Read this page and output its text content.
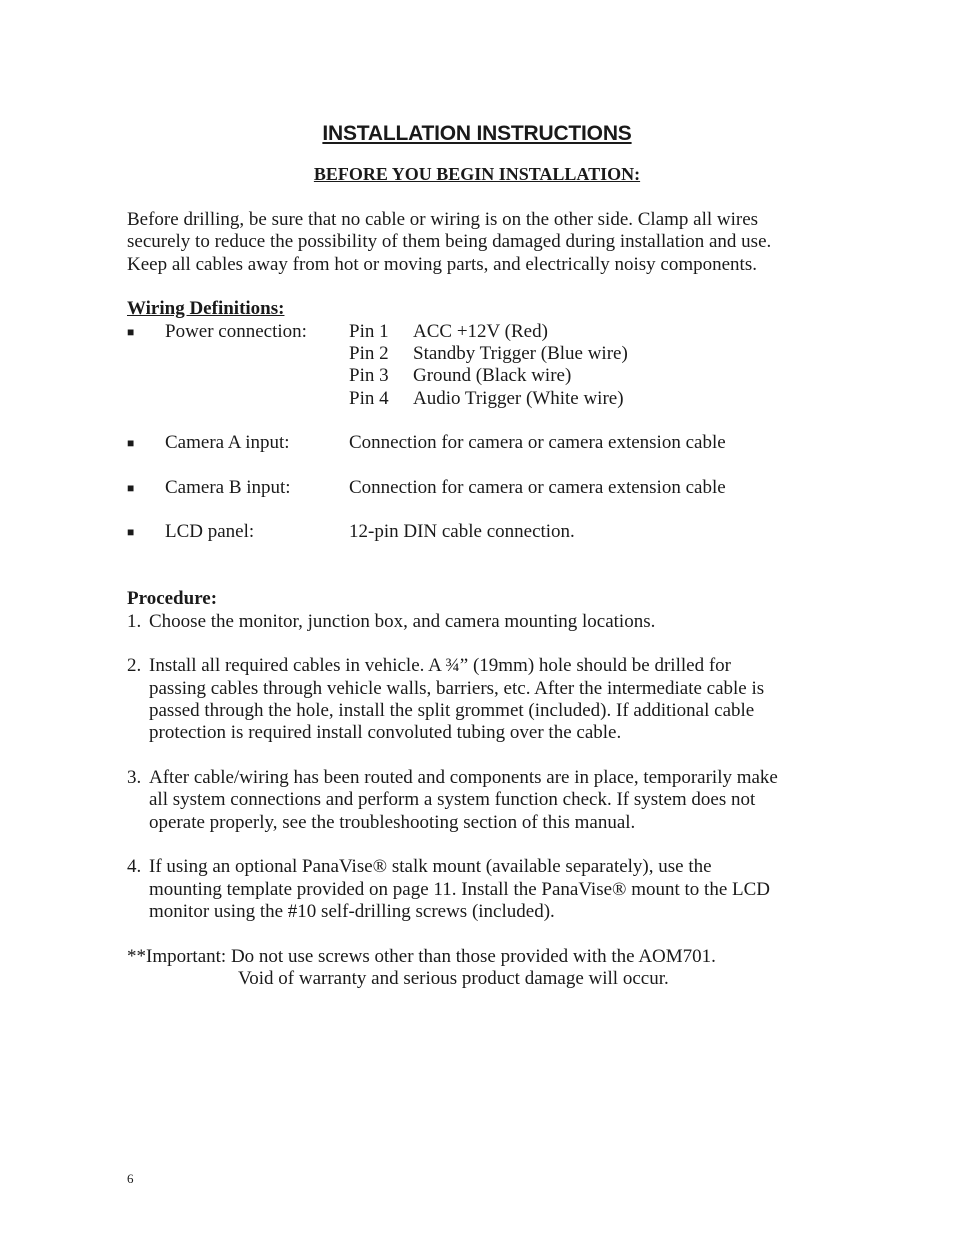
INSTALLATION INSTRUCTIONS
BEFORE YOU BEGIN INSTALLATION:
Before drilling, be sure that no cable or wiring is on the other side. Clamp all wires
securely to reduce the possibility of them being damaged during installation and use.
Keep all cables away from hot or moving parts, and electrically noisy components.
Wiring Definitions:
■ Power connection: Pin 1 ACC +12V (Red)
Pin 2 Standby Trigger (Blue wire)
Pin 3 Ground (Black wire)
Pin 4 Audio Trigger (White wire)
■ Camera A input:	Connection for camera or camera extension cable
■ Camera B input:	Connection for camera or camera extension cable
■ LCD panel:	12-pin DIN cable connection.
Procedure:
1. Choose the monitor, junction box, and camera mounting locations.
2. Install all required cables in vehicle. A ¾” (19mm) hole should be drilled for
passing cables through vehicle walls, barriers, etc. After the intermediate cable is
passed through the hole, install the split grommet (included). If additional cable
protection is required install convoluted tubing over the cable.
3. After cable/wiring has been routed and components are in place, temporarily make
all system connections and perform a system function check. If system does not
operate properly, see the troubleshooting section of this manual.
4. If using an optional PanaVise® stalk mount (available separately), use the
mounting template provided on page 11. Install the PanaVise® mount to the LCD
monitor using the #10 self-drilling screws (included).
**Important: Do not use screws other than those provided with the AOM701.
Void of warranty and serious product damage will occur.
6
